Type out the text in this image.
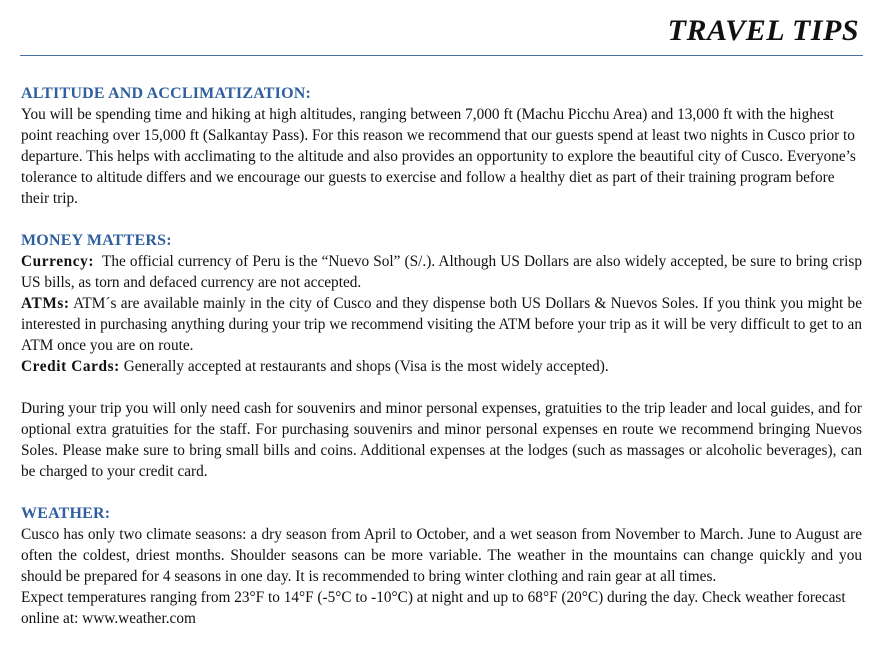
TRAVEL TIPS
ALTITUDE AND ACCLIMATIZATION:

You will be spending time and hiking at high altitudes, ranging between 7,000 ft (Machu Picchu Area) and 13,000 ft with the highest point reaching over 15,000 ft (Salkantay Pass). For this reason we recommend that our guests spend at least two nights in Cusco prior to departure. This helps with acclimating to the altitude and also provides an opportunity to explore the beautiful city of Cusco. Everyone’s tolerance to altitude differs and we encourage our guests to exercise and follow a healthy diet as part of their training program before their trip.

MONEY MATTERS:

Currency: The official currency of Peru is the “Nuevo Sol” (S/.). Although US Dollars are also widely accepted, be sure to bring crisp US bills, as torn and defaced currency are not accepted.

ATMs: ATM´s are available mainly in the city of Cusco and they dispense both US Dollars & Nuevos Soles. If you think you might be interested in purchasing anything during your trip we recommend visiting the ATM before your trip as it will be very difficult to get to an ATM once you are on route.

Credit Cards: Generally accepted at restaurants and shops (Visa is the most widely accepted).

During your trip you will only need cash for souvenirs and minor personal expenses, gratuities to the trip leader and local guides, and for optional extra gratuities for the staff. For purchasing souvenirs and minor personal expenses en route we recommend bringing Nuevos Soles. Please make sure to bring small bills and coins. Additional expenses at the lodges (such as massages or alcoholic beverages), can be charged to your credit card.

WEATHER:

Cusco has only two climate seasons: a dry season from April to October, and a wet season from November to March. June to August are often the coldest, driest months. Shoulder seasons can be more variable. The weather in the mountains can change quickly and you should be prepared for 4 seasons in one day. It is recommended to bring winter clothing and rain gear at all times.

Expect temperatures ranging from 23°F to 14°F (-5°C to -10°C) at night and up to 68°F (20°C) during the day. Check weather forecast online at: www.weather.com
